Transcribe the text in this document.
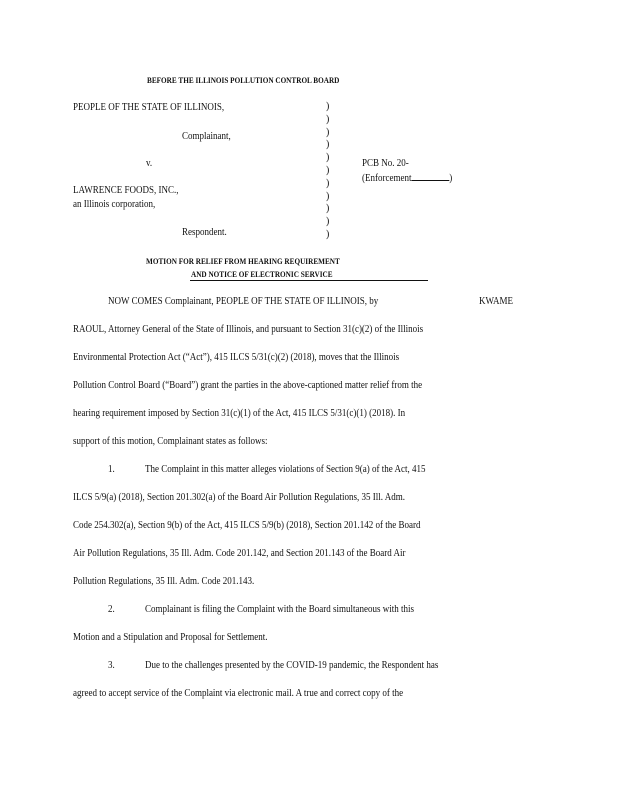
BEFORE THE ILLINOIS POLLUTION CONTROL BOARD
PEOPLE OF THE STATE OF ILLINOIS,
Complainant,
v.
LAWRENCE FOODS, INC.,
an Illinois corporation,
Respondent.
)
)
)
)
)
)
)
)
)
)
)
PCB No. 20-
(Enforcement	)
MOTION FOR RELIEF FROM HEARING REQUIREMENT
AND NOTICE OF ELECTRONIC SERVICE
NOW COMES Complainant, PEOPLE OF THE STATE OF ILLINOIS, by	KWAME
RAOUL, Attorney General of the State of Illinois, and pursuant to Section 31(c)(2) of the Illinois
Environmental Protection Act (“Act”), 415 ILCS 5/31(c)(2) (2018), moves that the Illinois
Pollution Control Board (“Board”) grant the parties in the above-captioned matter relief from the
hearing requirement imposed by Section 31(c)(1) of the Act, 415 ILCS 5/31(c)(1) (2018). In
support of this motion, Complainant states as follows:
1.	The Complaint in this matter alleges violations of Section 9(a) of the Act, 415
ILCS 5/9(a) (2018), Section 201.302(a) of the Board Air Pollution Regulations, 35 Ill. Adm.
Code 254.302(a), Section 9(b) of the Act, 415 ILCS 5/9(b) (2018), Section 201.142 of the Board
Air Pollution Regulations, 35 Ill. Adm. Code 201.142, and Section 201.143 of the Board Air
Pollution Regulations, 35 Ill. Adm. Code 201.143.
2.	Complainant is filing the Complaint with the Board simultaneous with this
Motion and a Stipulation and Proposal for Settlement.
3.	Due to the challenges presented by the COVID-19 pandemic, the Respondent has
agreed to accept service of the Complaint via electronic mail. A true and correct copy of the
